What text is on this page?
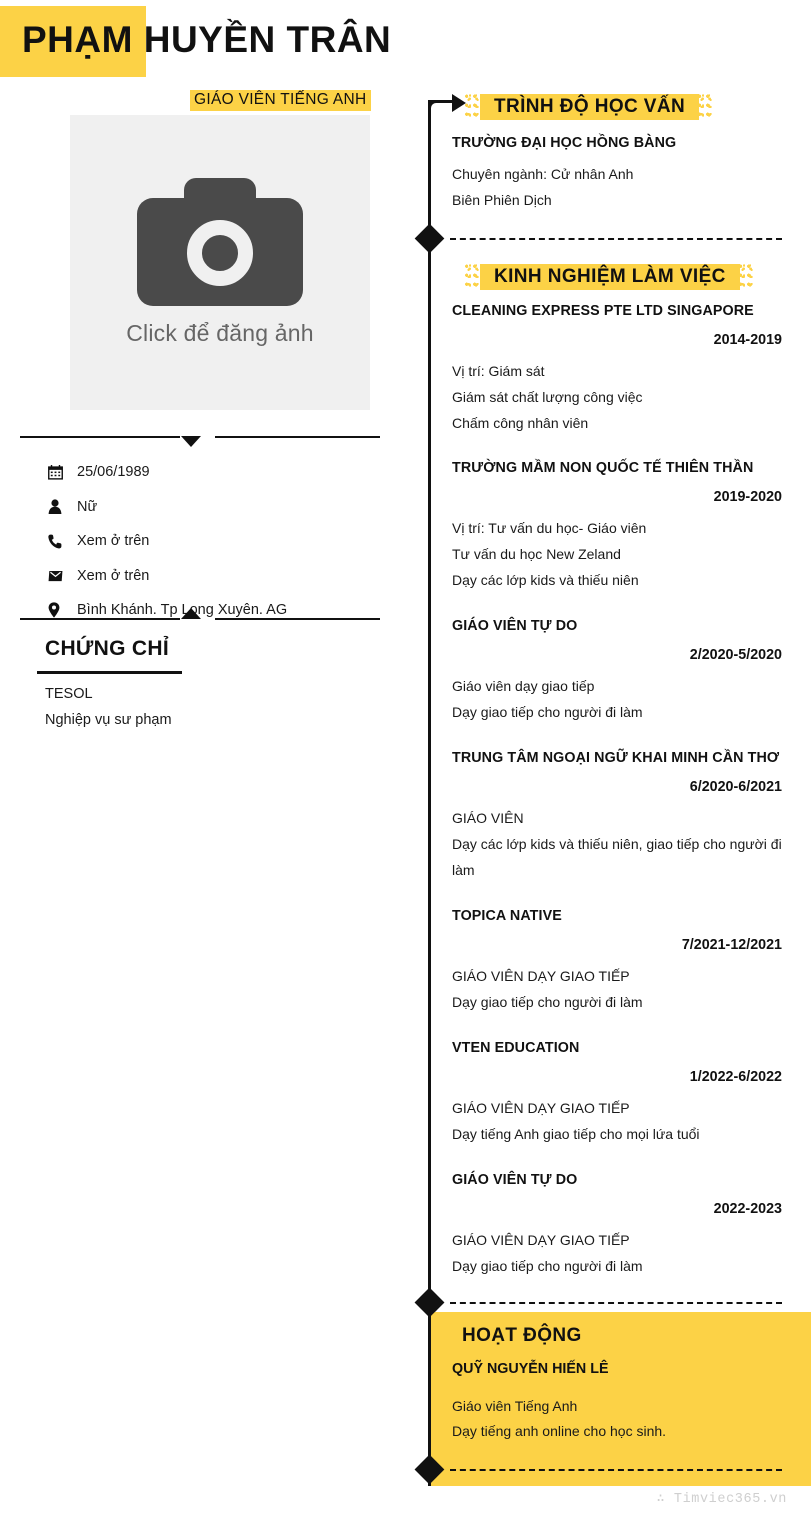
PHẠM HUYỀN TRÂN
GIÁO VIÊN TIẾNG ANH
Click để đăng ảnh
25/06/1989
Nữ
Xem ở trên
Xem ở trên
Bình Khánh. Tp Long Xuyên. AG
CHỨNG CHỈ
TESOL
Nghiệp vụ sư phạm
TRÌNH ĐỘ HỌC VẤN
TRƯỜNG ĐẠI HỌC HỒNG BÀNG
Chuyên ngành: Cử nhân Anh
Biên Phiên Dịch
KINH NGHIỆM LÀM VIỆC
CLEANING EXPRESS PTE LTD SINGAPORE
2014-2019
Vị trí: Giám sát
Giám sát chất lượng công việc
Chấm công nhân viên
TRƯỜNG MẦM NON QUỐC TẾ THIÊN THẦN
2019-2020
Vị trí: Tư vấn du học- Giáo viên
Tư vấn du học New Zeland
Dạy các lớp kids và thiếu niên
GIÁO VIÊN TỰ DO
2/2020-5/2020
Giáo viên dạy giao tiếp
Dạy giao tiếp cho người đi làm
TRUNG TÂM NGOẠI NGỮ KHAI MINH CẦN THƠ
6/2020-6/2021
GIÁO VIÊN
Dạy các lớp kids và thiếu niên, giao tiếp cho người đi làm
TOPICA NATIVE
7/2021-12/2021
GIÁO VIÊN DẠY GIAO TIẾP
Dạy giao tiếp cho người đi làm
VTEN EDUCATION
1/2022-6/2022
GIÁO VIÊN DẠY GIAO TIẾP
Dạy tiếng Anh giao tiếp cho mọi lứa tuổi
GIÁO VIÊN TỰ DO
2022-2023
GIÁO VIÊN DẠY GIAO TIẾP
Dạy giao tiếp cho người đi làm
HOẠT ĐỘNG
QUỸ NGUYỄN HIẾN LÊ
Giáo viên Tiếng Anh
Dạy tiếng anh online cho học sinh.
∴ Timviec365.vn
